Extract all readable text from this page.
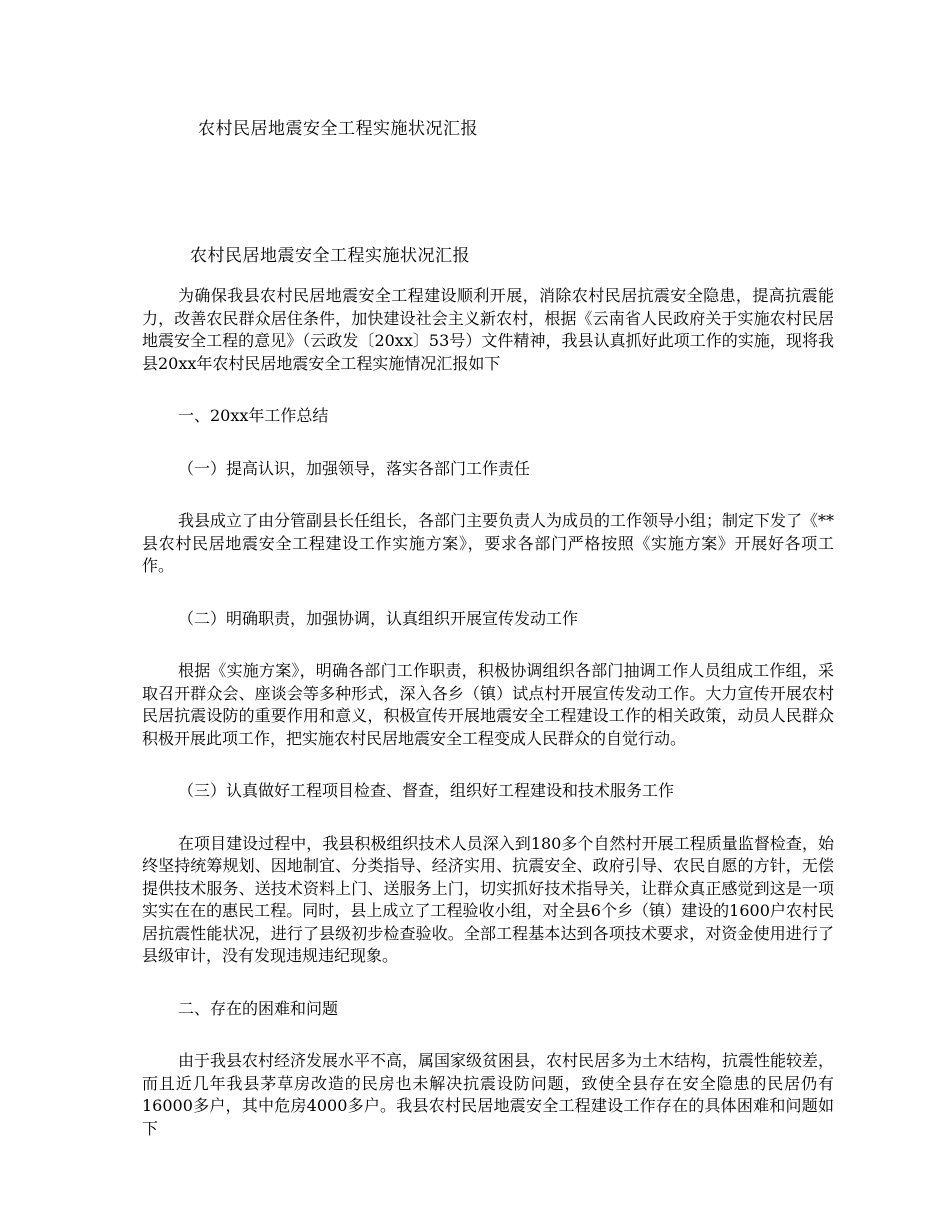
农村民居地震安全工程实施状况汇报
农村民居地震安全工程实施状况汇报

为确保我县农村民居地震安全工程建设顺利开展，消除农村民居抗震安全隐患，提高抗震能力，改善农民群众居住条件，加快建设社会主义新农村，根据《云南省人民政府关于实施农村民居地震安全工程的意见》（云政发〔20xx〕53号）文件精神，我县认真抓好此项工作的实施，现将我县20xx年农村民居地震安全工程实施情况汇报如下

一、20xx年工作总结

（一）提高认识，加强领导，落实各部门工作责任

我县成立了由分管副县长任组长，各部门主要负责人为成员的工作领导小组；制定下发了《**县农村民居地震安全工程建设工作实施方案》，要求各部门严格按照《实施方案》开展好各项工作。

（二）明确职责，加强协调，认真组织开展宣传发动工作

根据《实施方案》，明确各部门工作职责，积极协调组织各部门抽调工作人员组成工作组，采取召开群众会、座谈会等多种形式，深入各乡（镇）试点村开展宣传发动工作。大力宣传开展农村民居抗震设防的重要作用和意义，积极宣传开展地震安全工程建设工作的相关政策，动员人民群众积极开展此项工作，把实施农村民居地震安全工程变成人民群众的自觉行动。

（三）认真做好工程项目检查、督查，组织好工程建设和技术服务工作

在项目建设过程中，我县积极组织技术人员深入到180多个自然村开展工程质量监督检查，始终坚持统筹规划、因地制宜、分类指导、经济实用、抗震安全、政府引导、农民自愿的方针，无偿提供技术服务、送技术资料上门、送服务上门，切实抓好技术指导关，让群众真正感觉到这是一项实实在在的惠民工程。同时，县上成立了工程验收小组，对全县6个乡（镇）建设的1600户农村民居抗震性能状况，进行了县级初步检查验收。全部工程基本达到各项技术要求，对资金使用进行了县级审计，没有发现违规违纪现象。

二、存在的困难和问题

由于我县农村经济发展水平不高，属国家级贫困县，农村民居多为土木结构，抗震性能较差，而且近几年我县茅草房改造的民房也未解决抗震设防问题，致使全县存在安全隐患的民居仍有16000多户，其中危房4000多户。我县农村民居地震安全工程建设工作存在的具体困难和问题如下
